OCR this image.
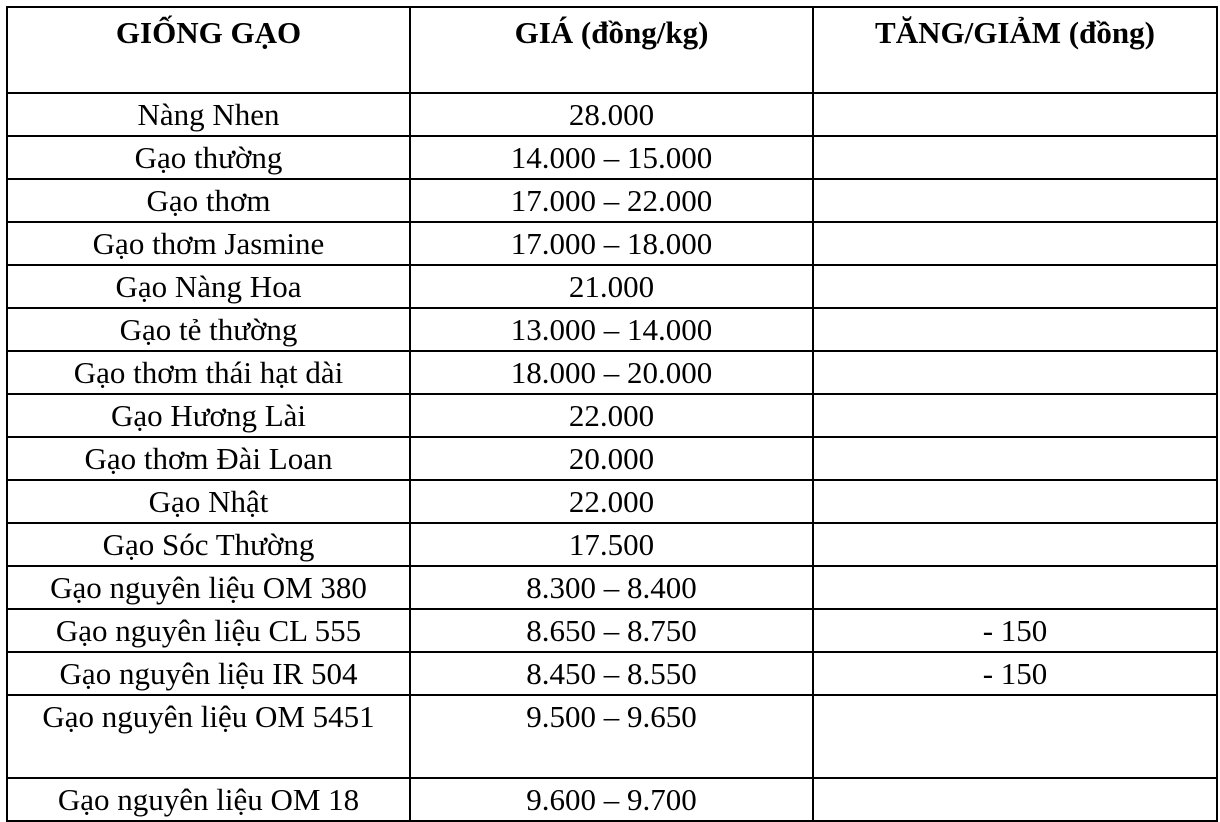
GIỐNG GẠO	GIÁ (đồng/kg)	TĂNG/GIẢM (đồng)
Nàng Nhen	28.000	
Gạo thường	14.000 – 15.000	
Gạo thơm	17.000 – 22.000	
Gạo thơm Jasmine	17.000 – 18.000	
Gạo Nàng Hoa	21.000	
Gạo tẻ thường	13.000 – 14.000	
Gạo thơm thái hạt dài	18.000 – 20.000	
Gạo Hương Lài	22.000	
Gạo thơm Đài Loan	20.000	
Gạo Nhật	22.000	
Gạo Sóc Thường	17.500	
Gạo nguyên liệu OM 380	8.300 – 8.400	
Gạo nguyên liệu CL 555	8.650 – 8.750	- 150
Gạo nguyên liệu IR 504	8.450 – 8.550	- 150
Gạo nguyên liệu OM 5451	9.500 – 9.650	
Gạo nguyên liệu OM 18	9.600 – 9.700	
